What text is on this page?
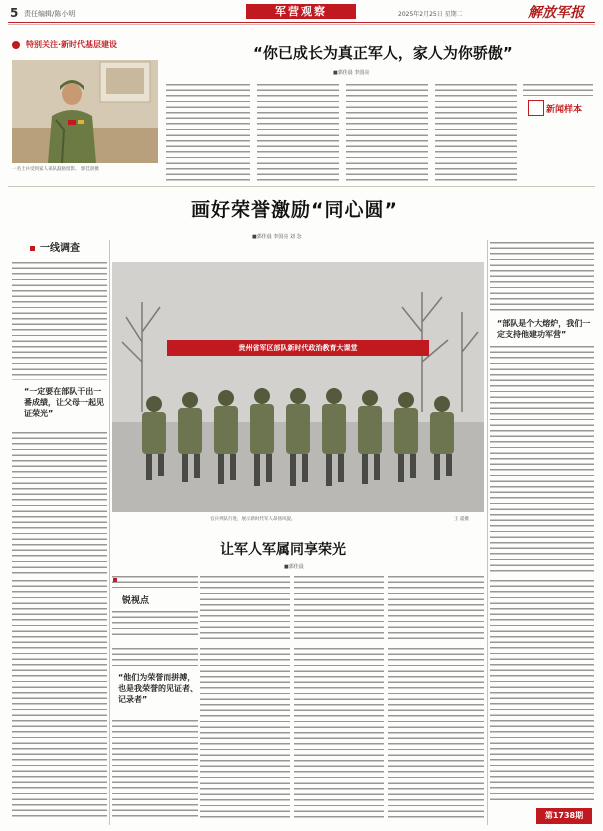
5 责任编辑/陈小明	军营观察	2025年2月25日 星期二	解放军报
特别关注·新时代基层建设
一名士兵受到家人来队鼓励留影。 郭佳晨摄
“你已成长为真正军人，家人为你骄傲”
■郭佳晨 李国亮
新闻样本
画好荣誉激励“同心圆”
■郭佳晨 李国亮 刘 念
一线调查
“一定要在部队干出一番成绩，让父母一起见证荣光”
贵州省军区部队新时代政治教育大课堂
官兵列队行进，展示新时代军人昂扬风貌。	王 震摄
“部队是个大熔炉，我们一定支持他建功军营”
让军人军属同享荣光
■郭佳晨
锐视点
“他们为荣誉而拼搏，也是我荣誉的见证者、记录者”
第1738期
